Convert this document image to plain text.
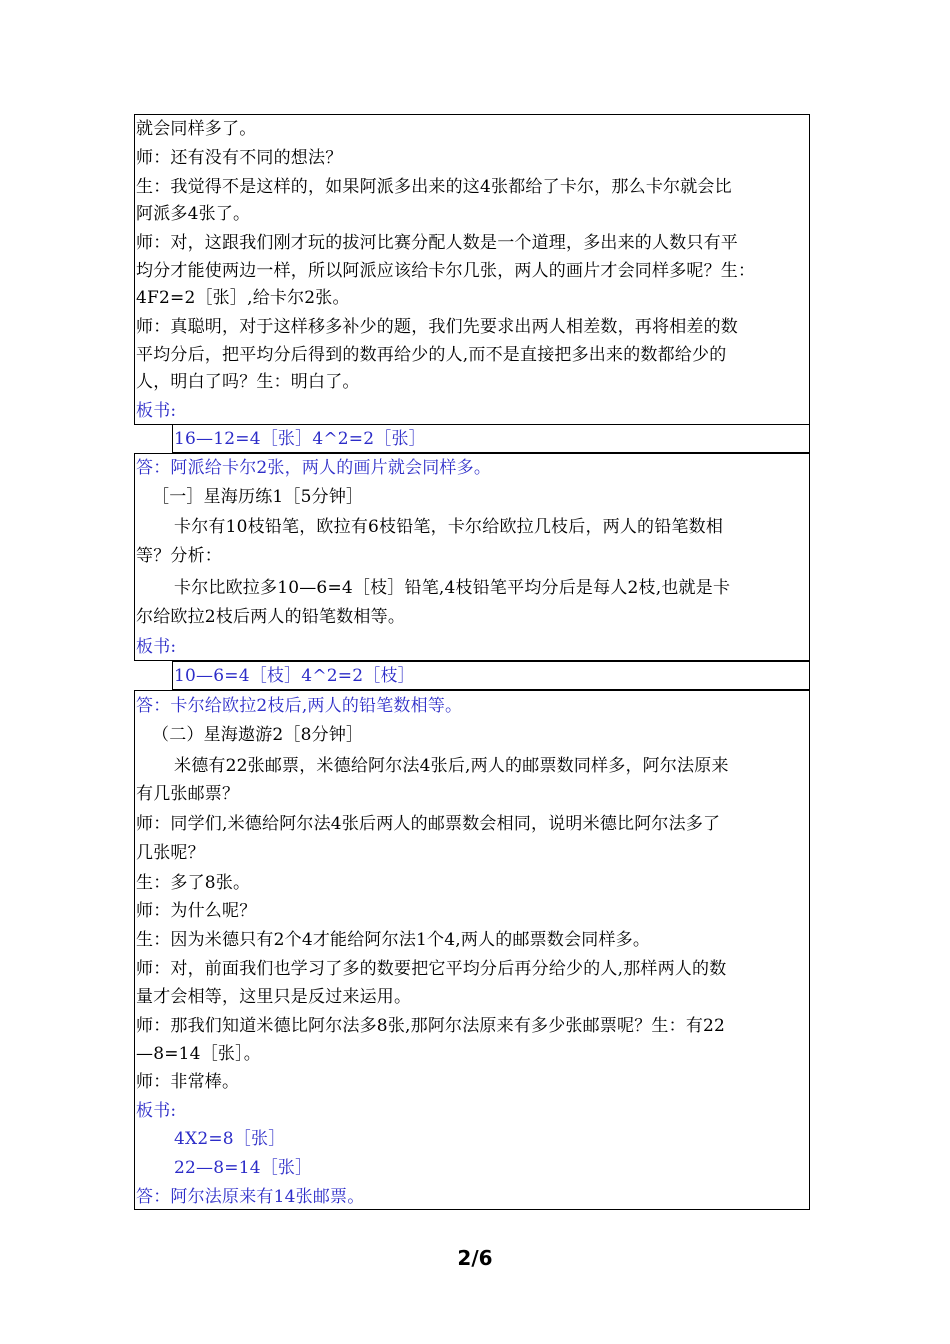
就会同样多了。
师：还有没有不同的想法？
生：我觉得不是这样的，如果阿派多出来的这4张都给了卡尔，那么卡尔就会比
阿派多4张了。
师：对，这跟我们刚才玩的拔河比赛分配人数是一个道理，多出来的人数只有平
均分才能使两边一样，所以阿派应该给卡尔几张，两人的画片才会同样多呢？生：
4F2=2［张］,给卡尔2张。
师：真聪明，对于这样移多补少的题，我们先要求出两人相差数，再将相差的数
平均分后，把平均分后得到的数再给少的人,而不是直接把多出来的数都给少的
人，明白了吗？生：明白了。
板书:
16—12=4［张］4^2=2［张］
答：阿派给卡尔2张，两人的画片就会同样多。
［一］星海历练1［5分钟］
卡尔有10枝铅笔，欧拉有6枝铅笔，卡尔给欧拉几枝后，两人的铅笔数相
等？分析：
卡尔比欧拉多10—6=4［枝］铅笔,4枝铅笔平均分后是每人2枝,也就是卡
尔给欧拉2枝后两人的铅笔数相等。
板书:
10—6=4［枝］4^2=2［枝］
答：卡尔给欧拉2枝后,两人的铅笔数相等。
（二）星海遨游2［8分钟］
米德有22张邮票，米德给阿尔法4张后,两人的邮票数同样多，阿尔法原来
有几张邮票？
师：同学们,米德给阿尔法4张后两人的邮票数会相同，说明米德比阿尔法多了
几张呢？
生：多了8张。
师：为什么呢？
生：因为米德只有2个4才能给阿尔法1个4,两人的邮票数会同样多。
师：对，前面我们也学习了多的数要把它平均分后再分给少的人,那样两人的数
量才会相等，这里只是反过来运用。
师：那我们知道米德比阿尔法多8张,那阿尔法原来有多少张邮票呢？生：有22
—8=14［张］。
师：非常棒。
板书:
4X2=8［张］
22—8=14［张］
答：阿尔法原来有14张邮票。
2/6
